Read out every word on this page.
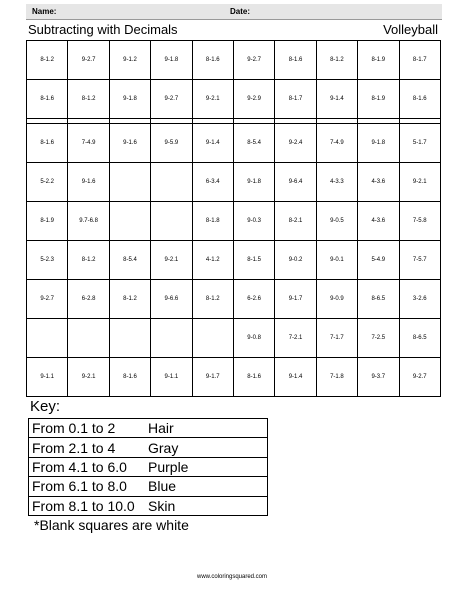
Name:	Date:
Subtracting with Decimals	Volleyball
8-1.2	9-2.7	9-1.2	9-1.8	8-1.6	9-2.7	8-1.6	8-1.2	8-1.9	8-1.7
8-1.6	8-1.2	9-1.8	9-2.7	9-2.1	9-2.9	8-1.7	9-1.4	8-1.9	8-1.6

8-1.6	7-4.9	9-1.6	9-5.9	9-1.4	8-5.4	9-2.4	7-4.9	9-1.8	5-1.7
5-2.2	9-1.6			6-3.4	9-1.8	9-6.4	4-3.3	4-3.6	9-2.1
8-1.9	9.7-6.8			8-1.8	9-0.3	8-2.1	9-0.5	4-3.6	7-5.8
5-2.3	8-1.2	8-5.4	9-2.1	4-1.2	8-1.5	9-0.2	9-0.1	5-4.9	7-5.7
9-2.7	6-2.8	8-1.2	9-6.6	8-1.2	6-2.6	9-1.7	9-0.9	8-6.5	3-2.6
					9-0.8	7-2.1	7-1.7	7-2.5	8-6.5
9-1.1	9-2.1	8-1.6	9-1.1	9-1.7	8-1.6	9-1.4	7-1.8	9-3.7	9-2.7
Key:
From 0.1 to 2	Hair
From 2.1 to 4	Gray
From 4.1 to 6.0	Purple
From 6.1 to 8.0	Blue
From 8.1 to 10.0	Skin
*Blank squares are white
www.coloringsquared.com
